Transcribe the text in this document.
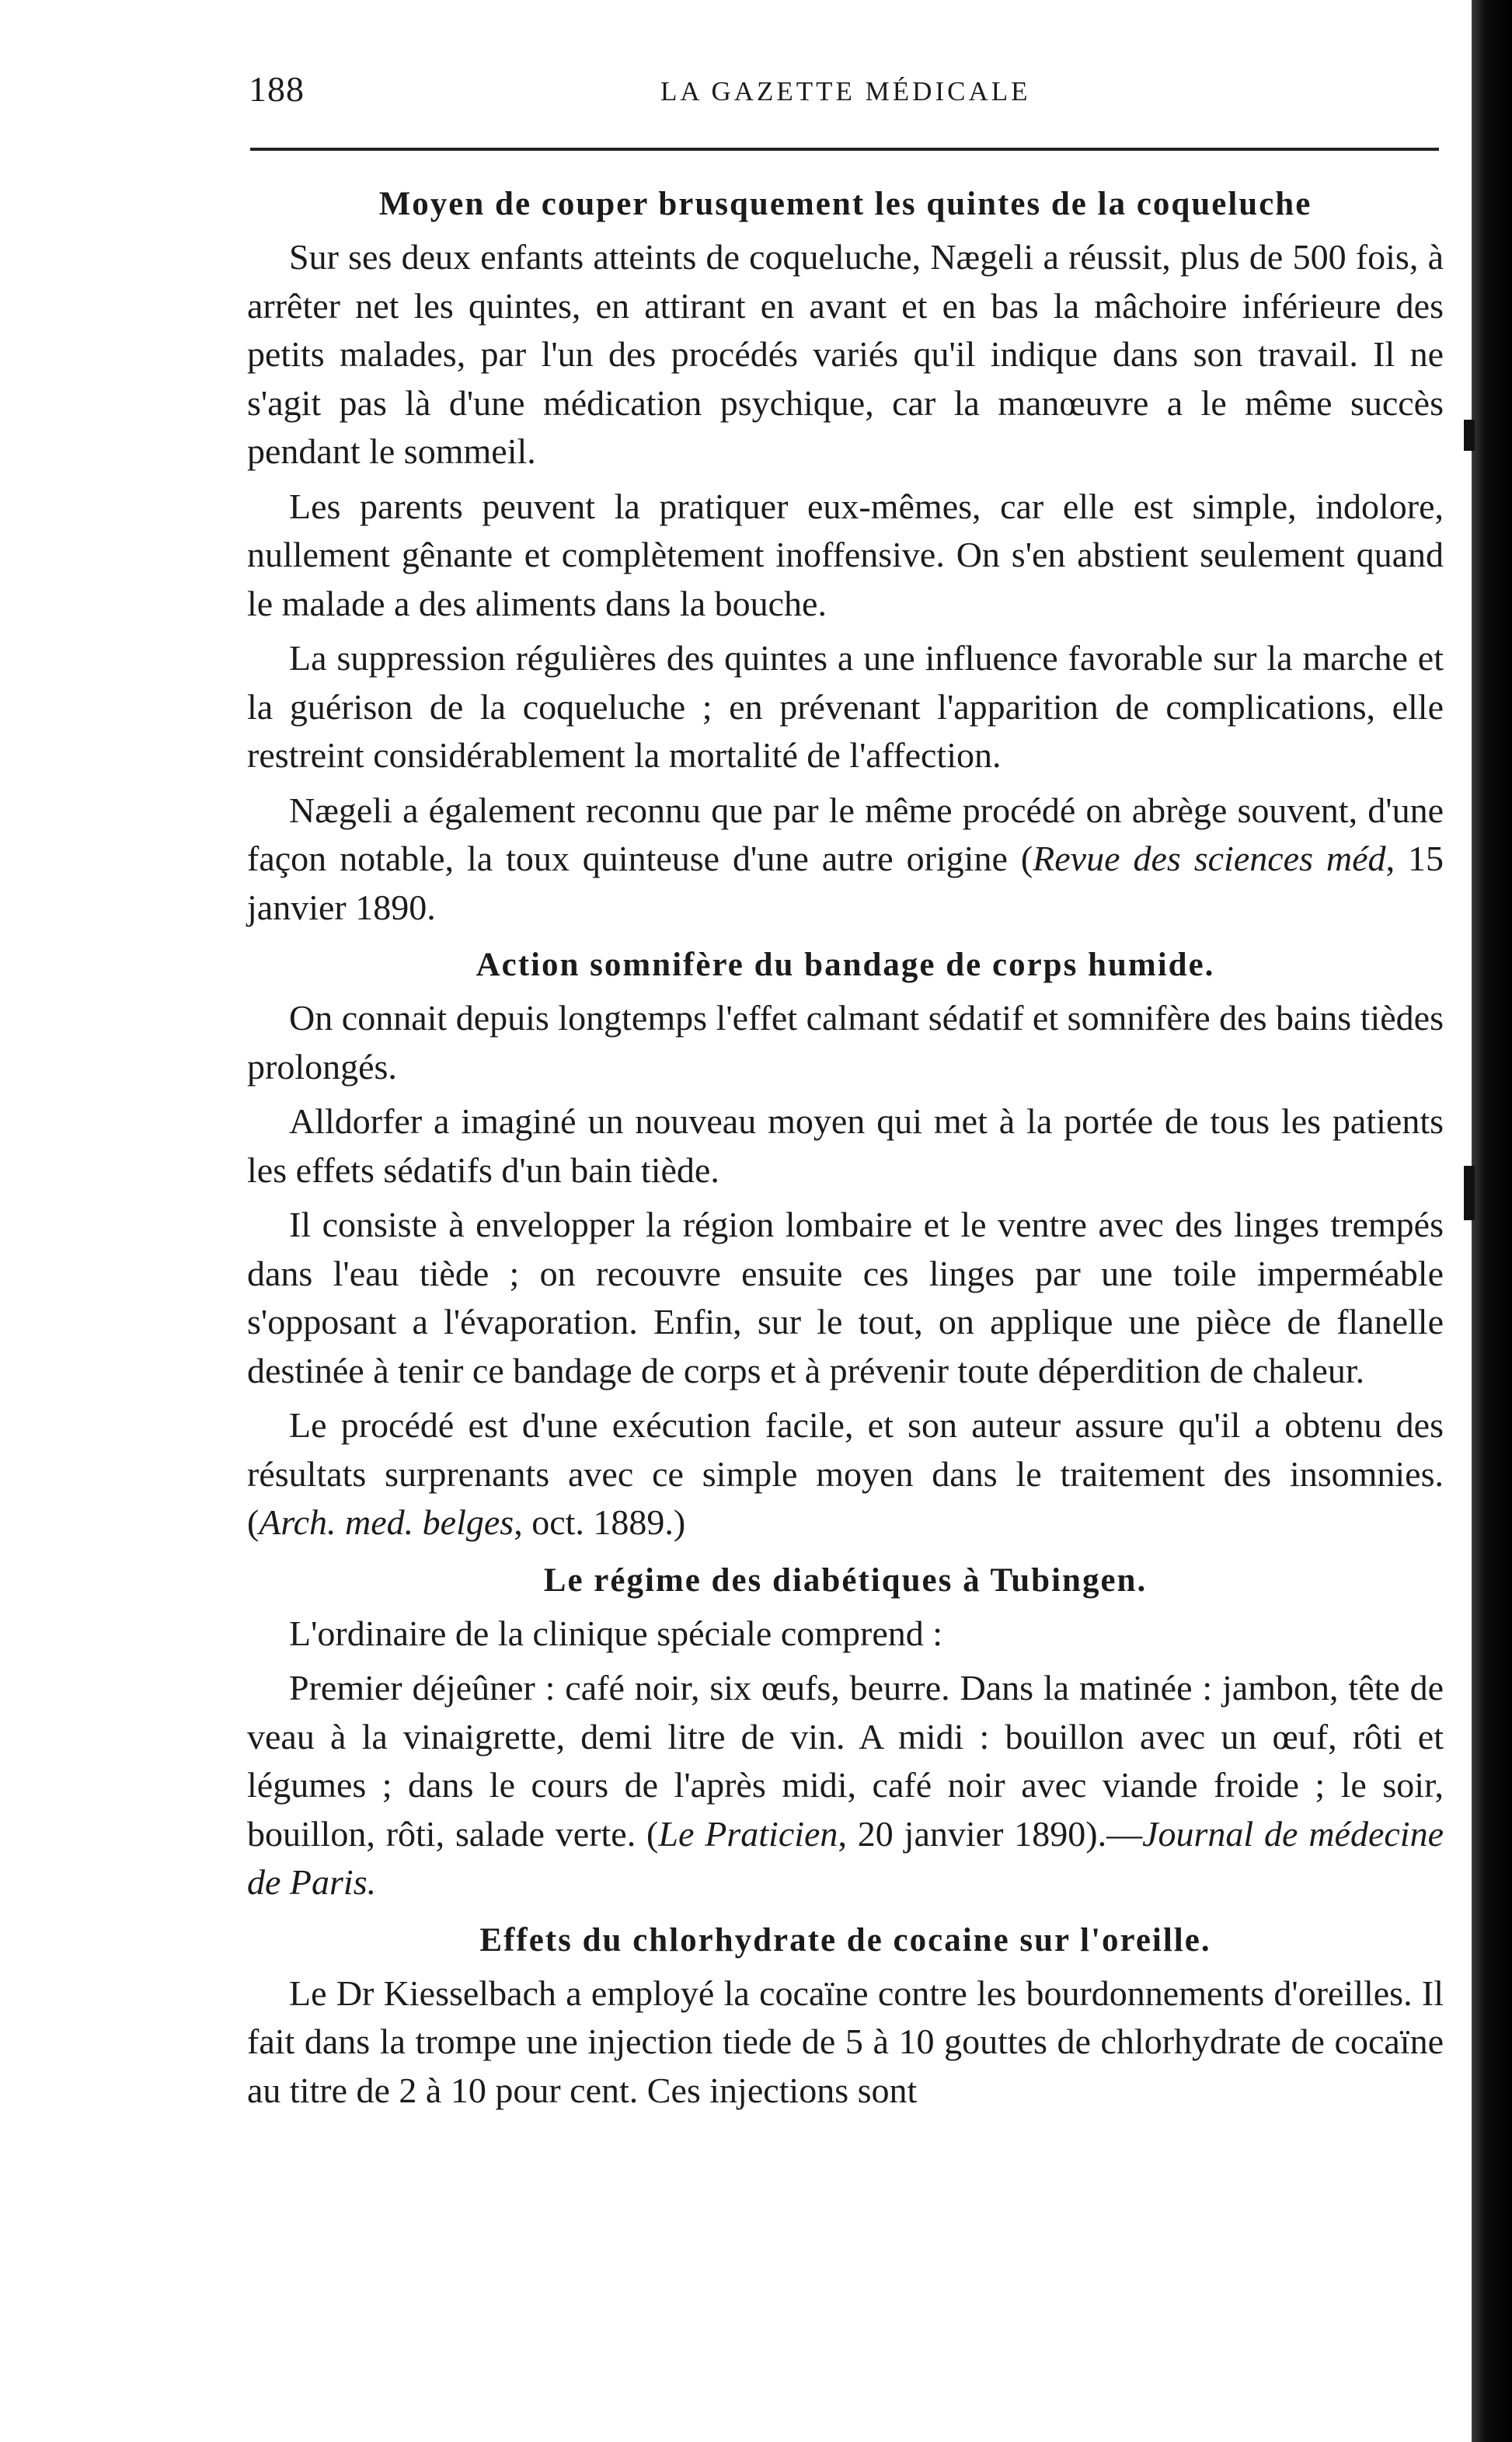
188	LA GAZETTE MÉDICALE
Moyen de couper brusquement les quintes de la coqueluche

Sur ses deux enfants atteints de coqueluche, Nægeli a réussit, plus de 500 fois, à arrêter net les quintes, en attirant en avant et en bas la mâchoire inférieure des petits malades, par l'un des procédés variés qu'il indique dans son travail. Il ne s'agit pas là d'une médication psychique, car la manœuvre a le même succès pendant le sommeil.

Les parents peuvent la pratiquer eux-mêmes, car elle est simple, indolore, nullement gênante et complètement inoffensive. On s'en abstient seulement quand le malade a des aliments dans la bouche.

La suppression régulières des quintes a une influence favorable sur la marche et la guérison de la coqueluche ; en prévenant l'apparition de complications, elle restreint considérablement la mortalité de l'affection.

Nægeli a également reconnu que par le même procédé on abrège souvent, d'une façon notable, la toux quinteuse d'une autre origine (Revue des sciences méd, 15 janvier 1890.

Action somnifère du bandage de corps humide.

On connait depuis longtemps l'effet calmant sédatif et somnifère des bains tièdes prolongés.

Alldorfer a imaginé un nouveau moyen qui met à la portée de tous les patients les effets sédatifs d'un bain tiède.

Il consiste à envelopper la région lombaire et le ventre avec des linges trempés dans l'eau tiède ; on recouvre ensuite ces linges par une toile imperméable s'opposant a l'évaporation. Enfin, sur le tout, on applique une pièce de flanelle destinée à tenir ce bandage de corps et à prévenir toute déperdition de chaleur.

Le procédé est d'une exécution facile, et son auteur assure qu'il a obtenu des résultats surprenants avec ce simple moyen dans le traitement des insomnies. (Arch. med. belges, oct. 1889.)

Le régime des diabétiques à Tubingen.

L'ordinaire de la clinique spéciale comprend :

Premier déjeûner : café noir, six œufs, beurre. Dans la matinée : jambon, tête de veau à la vinaigrette, demi litre de vin. A midi : bouillon avec un œuf, rôti et légumes ; dans le cours de l'après midi, café noir avec viande froide ; le soir, bouillon, rôti, salade verte. (Le Praticien, 20 janvier 1890).—Journal de médecine de Paris.

Effets du chlorhydrate de cocaine sur l'oreille.

Le Dr Kiesselbach a employé la cocaïne contre les bourdonnements d'oreilles. Il fait dans la trompe une injection tiede de 5 à 10 gouttes de chlorhydrate de cocaïne au titre de 2 à 10 pour cent. Ces injections sont
